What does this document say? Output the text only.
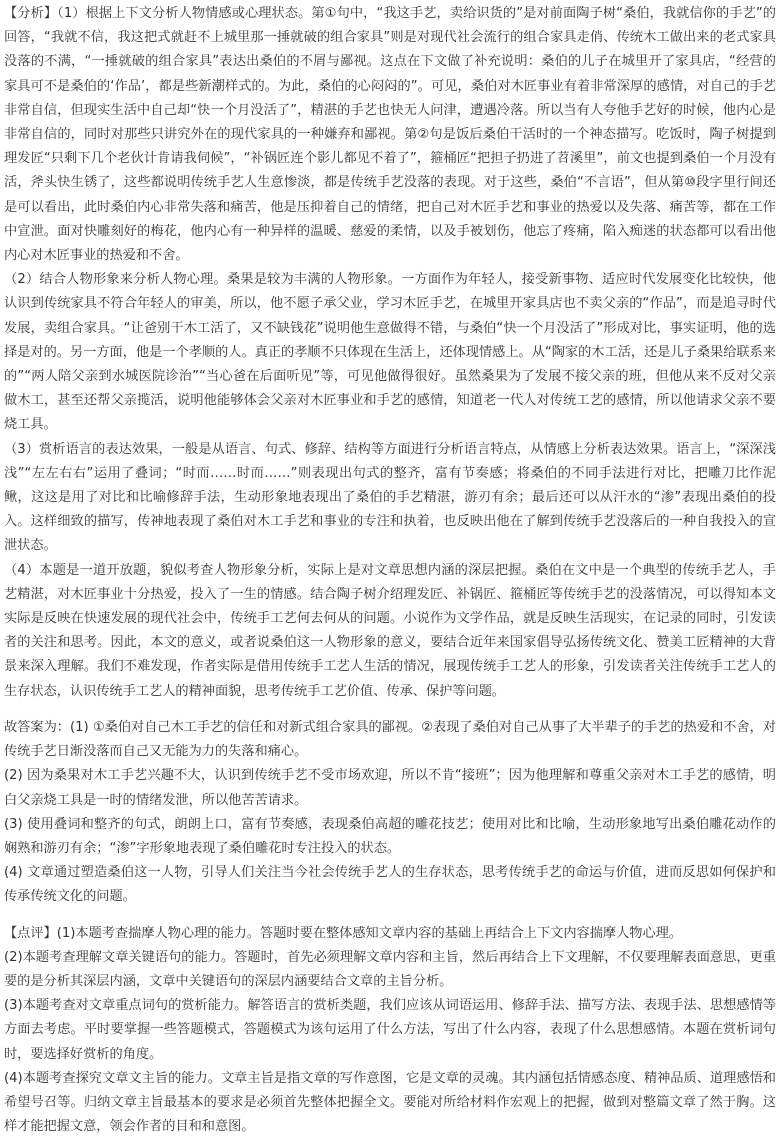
【分析】（1）根据上下文分析人物情感或心理状态。第①句中，“我这手艺，卖给识货的”是对前面陶子树“桑伯，我就信你的手艺”的回答，“我就不信，我这把式就赶不上城里那一捶就破的组合家具”则是对现代社会流行的组合家具走俏、传统木工做出来的老式家具没落的不满，“一捶就破的组合家具”表达出桑伯的不屑与鄙视。这点在下文做了补充说明：桑伯的儿子在城里开了家具店，“经营的家具可不是桑伯的‘作品’，都是些新潮样式的。为此，桑伯的心闷闷的”。可见，桑伯对木匠事业有着非常深厚的感情，对自己的手艺非常自信，但现实生活中自己却“快一个月没活了”，精湛的手艺也快无人问津，遭遇冷落。所以当有人夸他手艺好的时候，他内心是非常自信的，同时对那些只讲究外在的现代家具的一种嫌弃和鄙视。第②句是饭后桑伯干活时的一个神态描写。吃饭时，陶子树提到理发匠“只剩下几个老伙计肯请我伺候”，“补锅匠连个影儿都见不着了”，箍桶匠“把担子扔进了苕溪里”，前文也提到桑伯一个月没有活，斧头快生锈了，这些都说明传统手艺人生意惨淡，都是传统手艺没落的表现。对于这些，桑伯“不言语”，但从第⑩段字里行间还是可以看出，此时桑伯内心非常失落和痛苦，他是压抑着自己的情绪，把自己对木匠手艺和事业的热爱以及失落、痛苦等，都在工作中宣泄。面对快雕刻好的梅花，他内心有一种异样的温暖、慈爱的柔情，以及手被划伤，他忘了疼痛，陷入痴迷的状态都可以看出他内心对木匠事业的热爱和不舍。

（2）结合人物形象来分析人物心理。桑果是较为丰满的人物形象。一方面作为年轻人，接受新事物、适应时代发展变化比较快，他认识到传统家具不符合年轻人的审美，所以，他不愿子承父业，学习木匠手艺，在城里开家具店也不卖父亲的“作品”，而是追寻时代发展，卖组合家具。“让爸别干木工活了，又不缺钱花”说明他生意做得不错，与桑伯“快一个月没活了”形成对比，事实证明，他的选择是对的。另一方面，他是一个孝顺的人。真正的孝顺不只体现在生活上，还体现情感上。从“陶家的木工活，还是儿子桑果给联系来的”“两人陪父亲到水城医院诊治”“当心爸在后面听见”等，可见他做得很好。虽然桑果为了发展不接父亲的班，但他从来不反对父亲做木工，甚至还帮父亲揽活，说明他能够体会父亲对木匠事业和手艺的感情，知道老一代人对传统工艺的感情，所以他请求父亲不要烧工具。

（3）赏析语言的表达效果，一般是从语言、句式、修辞、结构等方面进行分析语言特点，从情感上分析表达效果。语言上，“深深浅浅”“左左右右”运用了叠词；“时而……时而……”则表现出句式的整齐，富有节奏感；将桑伯的不同手法进行对比，把雕刀比作泥鳅，这这是用了对比和比喻修辞手法，生动形象地表现出了桑伯的手艺精湛，游刃有余；最后还可以从汗水的“渗”表现出桑伯的投入。这样细致的描写，传神地表现了桑伯对木工手艺和事业的专注和执着，也反映出他在了解到传统手艺没落后的一种自我投入的宣泄状态。

（4）本题是一道开放题，貌似考查人物形象分析，实际上是对文章思想内涵的深层把握。桑伯在文中是一个典型的传统手艺人，手艺精湛，对木匠事业十分热爱，投入了一生的情感。结合陶子树介绍理发匠、补锅匠、箍桶匠等传统手艺的没落情况，可以得知本文实际是反映在快速发展的现代社会中，传统手工艺何去何从的问题。小说作为文学作品，就是反映生活现实，在记录的同时，引发读者的关注和思考。因此，本文的意义，或者说桑伯这一人物形象的意义，要结合近年来国家倡导弘扬传统文化、赞美工匠精神的大背景来深入理解。我们不难发现，作者实际是借用传统手工艺人生活的情况，展现传统手工艺人的形象，引发读者关注传统手工艺人的生存状态，认识传统手工艺人的精神面貌，思考传统手工艺价值、传承、保护等问题。

故答案为：(1) ①桑伯对自己木工手艺的信任和对新式组合家具的鄙视。②表现了桑伯对自己从事了大半辈子的手艺的热爱和不舍，对传统手艺日渐没落而自己又无能为力的失落和痛心。

(2) 因为桑果对木工手艺兴趣不大，认识到传统手艺不受市场欢迎，所以不肯“接班”；因为他理解和尊重父亲对木工手艺的感情，明白父亲烧工具是一时的情绪发泄，所以他苦苦请求。

(3) 使用叠词和整齐的句式，朗朗上口，富有节奏感，表现桑伯高超的雕花技艺；使用对比和比喻，生动形象地写出桑伯雕花动作的娴熟和游刃有余；“渗”字形象地表现了桑伯雕花时专注投入的状态。

(4) 文章通过塑造桑伯这一人物，引导人们关注当今社会传统手艺人的生存状态，思考传统手艺的命运与价值，进而反思如何保护和传承传统文化的问题。

【点评】(1)本题考查揣摩人物心理的能力。答题时要在整体感知文章内容的基础上再结合上下文内容揣摩人物心理。

(2)本题考查理解文章关键语句的能力。答题时，首先必须理解文章内容和主旨，然后再结合上下文理解，不仅要理解表面意思，更重要的是分析其深层内涵，文章中关键语句的深层内涵要结合文章的主旨分析。

(3)本题考查对文章重点词句的赏析能力。解答语言的赏析类题，我们应该从词语运用、修辞手法、描写方法、表现手法、思想感情等方面去考虑。平时要掌握一些答题模式，答题模式为该句运用了什么方法，写出了什么内容，表现了什么思想感情。本题在赏析词句时，要选择好赏析的角度。

(4)本题考查探究文章文主旨的能力。文章主旨是指文章的写作意图，它是文章的灵魂。其内涵包括情感态度、精神品质、道理感悟和希望号召等。归纳文章主旨最基本的要求是必须首先整体把握全文。要能对所给材料作宏观上的把握，做到对整篇文章了然于胸。这样才能把握文意，领会作者的目和和意图。
